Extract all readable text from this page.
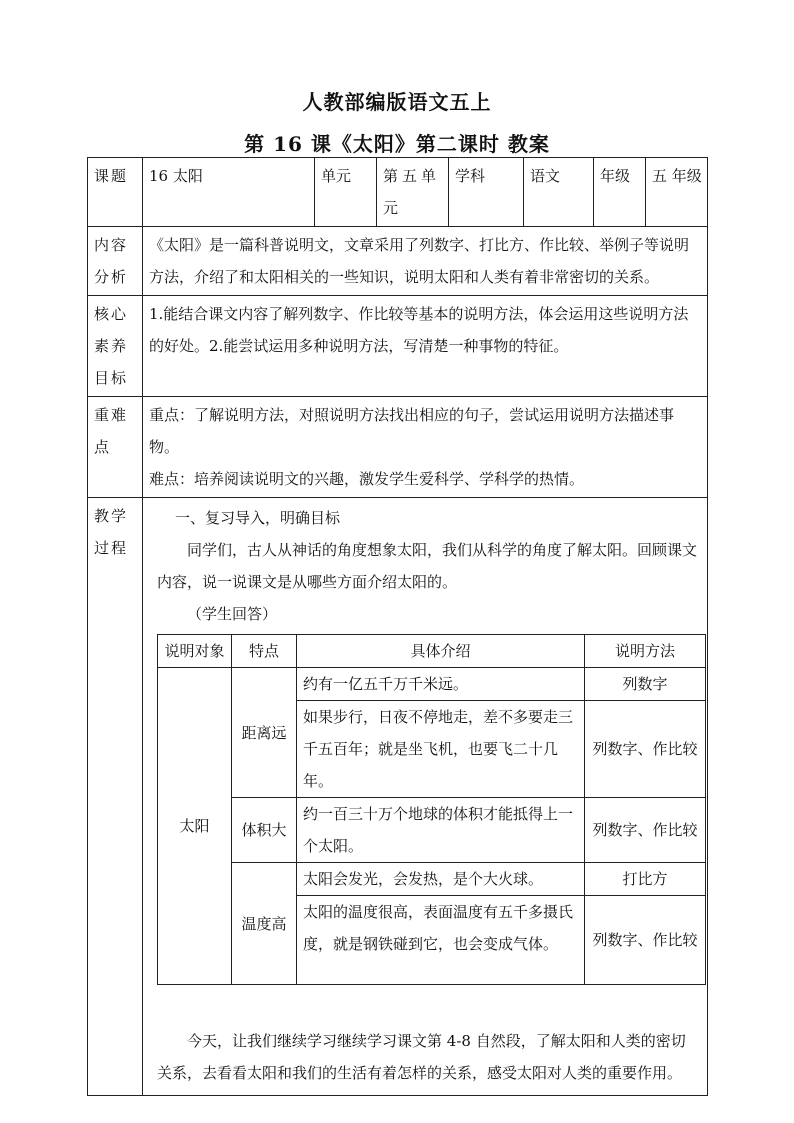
人教部编版语文五上
第 16 课《太阳》第二课时 教案
课题	16 太阳	单元	第五单元	学科	语文	年级	五 年级
内容分析	《太阳》是一篇科普说明文，文章采用了列数字、打比方、作比较、举例子等说明方法，介绍了和太阳相关的一些知识，说明太阳和人类有着非常密切的关系。
核心素养目标	1.能结合课文内容了解列数字、作比较等基本的说明方法，体会运用这些说明方法的好处。2.能尝试运用多种说明方法，写清楚一种事物的特征。
重难点	
重点：了解说明方法，对照说明方法找出相应的句子，尝试运用说明方法描述事物。
难点：培养阅读说明文的兴趣，激发学生爱科学、学科学的热情。

教学过程	

一、复习导入，明确目标

同学们，古人从神话的角度想象太阳，我们从科学的角度了解太阳。回顾课文内容，说一说课文是从哪些方面介绍太阳的。

（学生回答）

说明对象	特点	具体介绍	说明方法
太阳	距离远	约有一亿五千万千米远。	列数字
如果步行，日夜不停地走，差不多要走三千五百年；就是坐飞机，也要飞二十几年。	列数字、作比较
体积大	约一百三十万个地球的体积才能抵得上一个太阳。	列数字、作比较
温度高	太阳会发光，会发热，是个大火球。	打比方
太阳的温度很高，表面温度有五千多摄氏度，就是钢铁碰到它，也会变成气体。	列数字、作比较

今天，让我们继续学习继续学习课文第 4-8 自然段，了解太阳和人类的密切关系，去看看太阳和我们的生活有着怎样的关系，感受太阳对人类的重要作用。
